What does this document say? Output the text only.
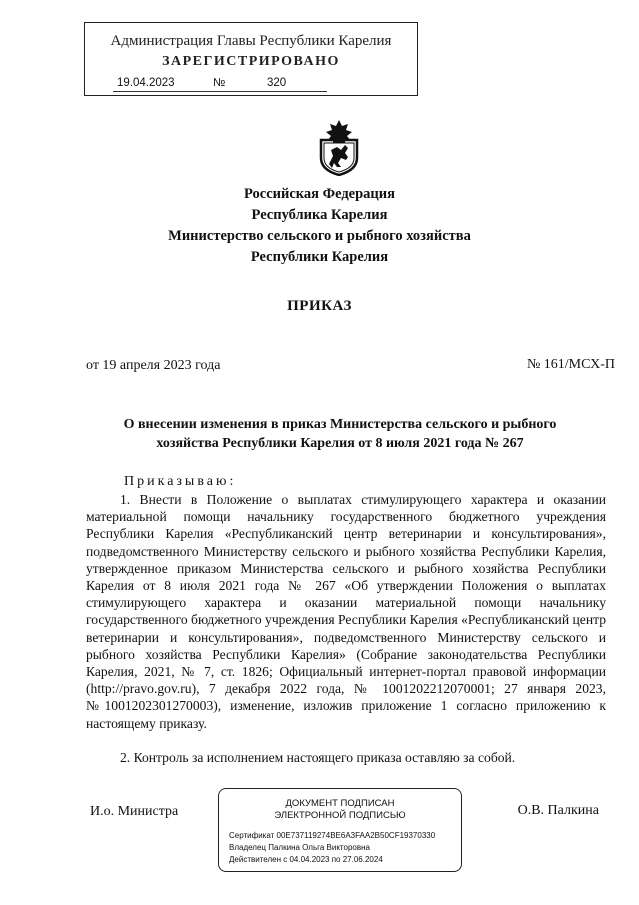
Администрация Главы Республики Карелия
ЗАРЕГИСТРИРОВАНО
19.04.2023	№	320
Российская Федерация
Республика Карелия
Министерство сельского и рыбного хозяйства
Республики Карелия
ПРИКАЗ
от 19 апреля 2023 года	№ 161/МСХ-П
О внесении изменения в приказ Министерства сельского и рыбного
хозяйства Республики Карелия от 8 июля 2021 года № 267
Приказываю:
1. Внести в Положение о выплатах стимулирующего характера и оказании материальной помощи начальнику государственного бюджетного учреждения Республики Карелия «Республиканский центр ветеринарии и консультирования», подведомственного Министерству сельского и рыбного хозяйства Республики Карелия, утвержденное приказом Министерства сельского и рыбного хозяйства Республики Карелия от 8 июля 2021 года № 267 «Об утверждении Положения о выплатах стимулирующего характера и оказании материальной помощи начальнику государственного бюджетного учреждения Республики Карелия «Республиканский центр ветеринарии и консультирования», подведомственного Министерству сельского и рыбного хозяйства Республики Карелия» (Собрание законодательства Республики Карелия, 2021, № 7, ст. 1826; Официальный интернет-портал правовой информации (http://pravo.gov.ru), 7 декабря 2022 года, № 1001202212070001; 27 января 2023, №1001202301270003), изменение, изложив приложение 1 согласно приложению к настоящему приказу.
2. Контроль за исполнением настоящего приказа оставляю за собой.
И.о. Министра	О.В. Палкина
ДОКУМЕНТ ПОДПИСАН
ЭЛЕКТРОННОЙ ПОДПИСЬЮ
Сертификат 00E737119274BE6A3FAA2B50CF19370330
Владелец Палкина Ольга Викторовна
Действителен с 04.04.2023 по 27.06.2024
